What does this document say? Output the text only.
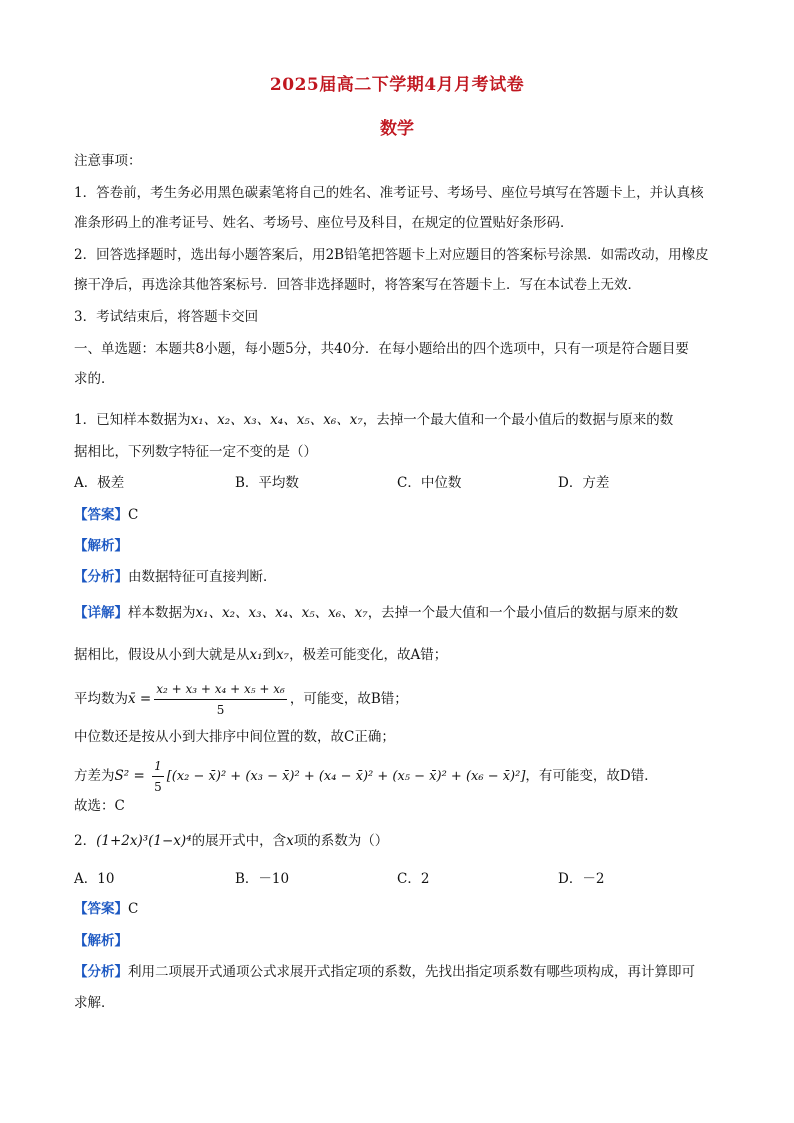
2025届高二下学期4月月考试卷
数学
注意事项：
1．答卷前，考生务必用黑色碳素笔将自己的姓名、准考证号、考场号、座位号填写在答题卡上，并认真核
准条形码上的准考证号、姓名、考场号、座位号及科目，在规定的位置贴好条形码．
2．回答选择题时，选出每小题答案后，用2B铅笔把答题卡上对应题目的答案标号涂黑．如需改动，用橡皮
擦干净后，再选涂其他答案标号．回答非选择题时，将答案写在答题卡上．写在本试卷上无效．
3．考试结束后，将答题卡交回
一、单选题：本题共8小题，每小题5分，共40分．在每小题给出的四个选项中，只有一项是符合题目要
求的．
1．已知样本数据为x₁、x₂、x₃、x₄、x₅、x₆、x₇，去掉一个最大值和一个最小值后的数据与原来的数
据相比，下列数字特征一定不变的是（）
A．极差	B．平均数	C．中位数	D．方差
【答案】C
【解析】
【分析】由数据特征可直接判断．
【详解】样本数据为x₁、x₂、x₃、x₄、x₅、x₆、x₇，去掉一个最大值和一个最小值后的数据与原来的数
据相比，假设从小到大就是从x₁到x₇，极差可能变化，故A错；
平均数为x̄ = $\frac{\text{x₂ + x₃ + x₄ + x₅ + x₆}}{5}$ ，可能变，故B错；
中位数还是按从小到大排序中间位置的数，故C正确；
方差为$S^2 = \frac{1}{5} [(x_2$ − x̄)² + (x₃ − x̄)² + (x₄ − x̄)² + (x₅ − x̄)² + (x₆ − x̄)²]，有可能变，故D错．
故选：C
2．(1+2x)³(1−x)⁴的展开式中，含x项的系数为（）
A．10	B．－10	C．2	D．－2
【答案】C
【解析】
【分析】利用二项展开式通项公式求展开式指定项的系数，先找出指定项系数有哪些项构成，再计算即可
求解．
